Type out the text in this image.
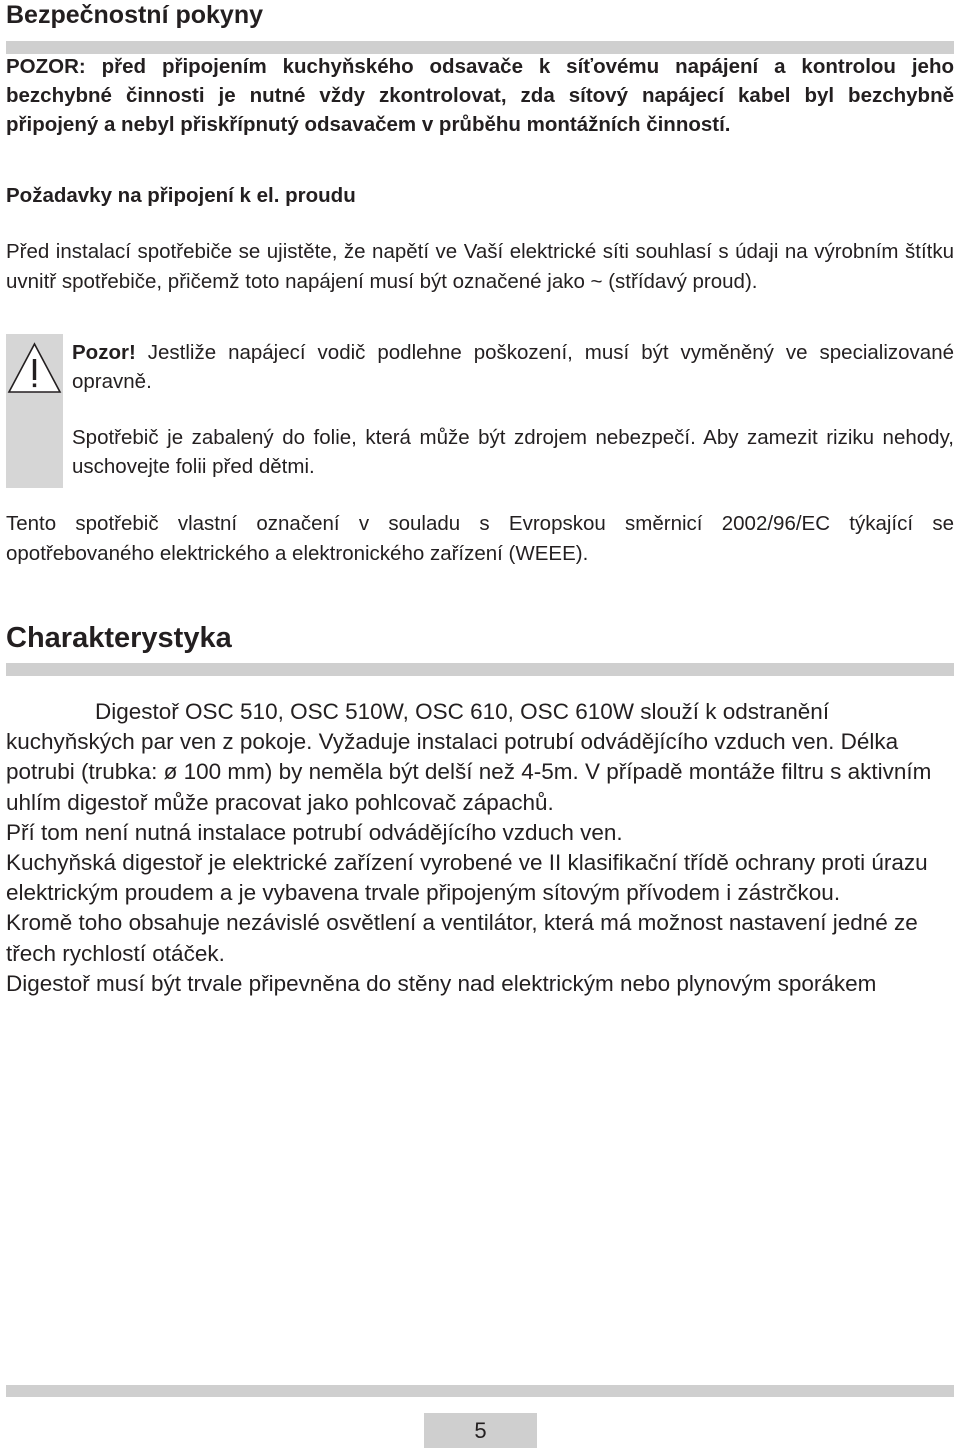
Bezpečnostní pokyny

POZOR: před připojením kuchyňského odsavače k síťovému napájení a kontrolou jeho bezchybné činnosti je nutné vždy zkontrolovat, zda sítový napájecí kabel byl bezchybně připojený a nebyl přiskřípnutý odsavačem v průběhu montážních činností.

Požadavky na připojení k el. proudu

Před instalací spotřebiče se ujistěte, že napětí ve Vaší elektrické síti souhlasí s údaji na výrobním štítku uvnitř spotřebiče, přičemž toto napájení musí být označené jako ~ (střídavý proud).

Pozor! Jestliže napájecí vodič podlehne poškození, musí být vyměněný ve specializované opravně.

Spotřebič je zabalený do folie, která může být zdrojem nebezpečí. Aby zamezit riziku nehody, uschovejte folii před dětmi.

Tento spotřebič vlastní označení v souladu s Evropskou směrnicí 2002/96/EC týkající se opotřebovaného elektrického a elektronického zařízení (WEEE).

Charakterystyka

Digestoř OSC 510, OSC 510W, OSC 610, OSC 610W slouží k odstranění kuchyňských par ven z pokoje. Vyžaduje instalaci potrubí odvádějícího vzduch ven. Délka potrubi (trubka: ø 100 mm) by neměla být delší než 4-5m. V případě montáže filtru s aktivním uhlím digestoř může pracovat jako pohlcovač zápachů.

Pří tom není nutná instalace potrubí odvádějícího vzduch ven.

Kuchyňská digestoř je elektrické zařízení vyrobené ve II klasifikační třídě ochrany proti úrazu elektrickým proudem a je vybavena trvale připojeným sítovým přívodem i zástrčkou.

Kromě toho obsahuje nezávislé osvětlení a ventilátor, která má možnost nastavení jedné ze třech rychlostí otáček.

Digestoř musí být trvale připevněna do stěny nad elektrickým nebo plynovým sporákem

5
